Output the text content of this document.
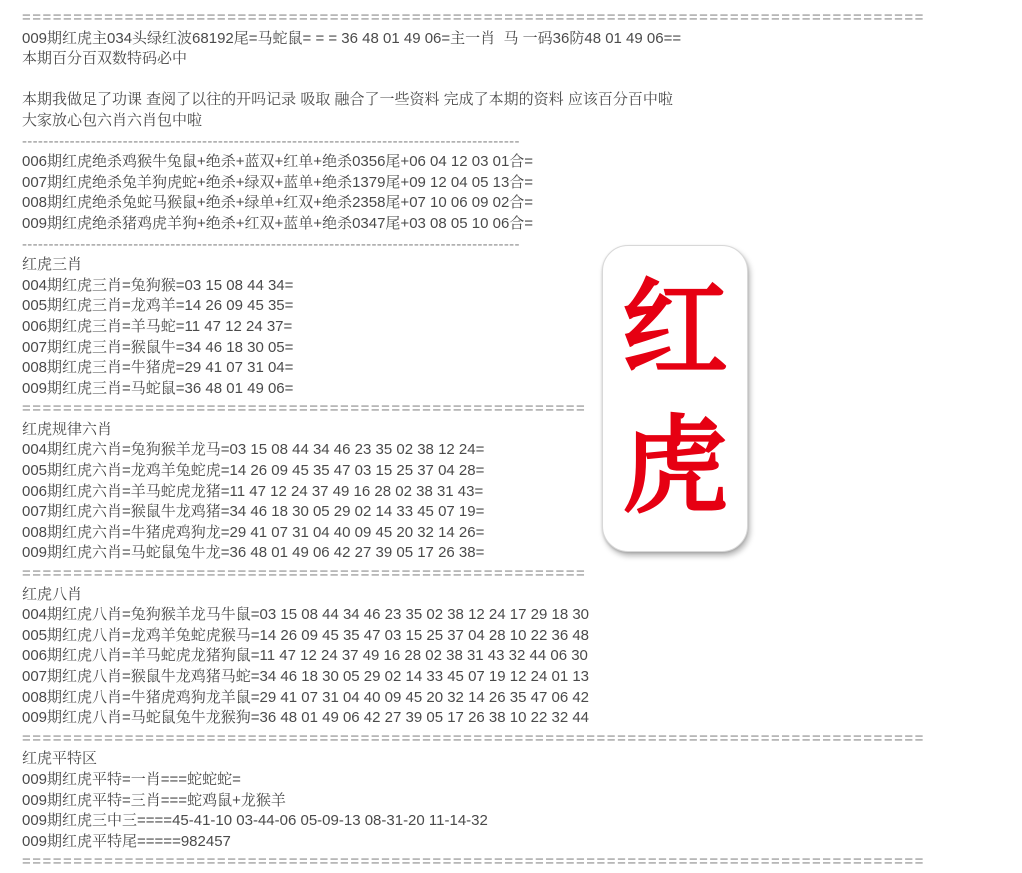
========================================================================================
009期红虎主034头绿红波68192尾=马蛇鼠= = = 36 48 01 49 06=主一肖  马 一码36防48 01 49 06==
本期百分百双数特码必中
本期我做足了功课 查阅了以往的开吗记录 吸取 融合了一些资料 完成了本期的资料 应该百分百中啦
大家放心包六肖六肖包中啦
----------------------------------------------------------------------------------------------
006期红虎绝杀鸡猴牛兔鼠+绝杀+蓝双+红单+绝杀0356尾+06 04 12 03 01合=
007期红虎绝杀兔羊狗虎蛇+绝杀+绿双+蓝单+绝杀1379尾+09 12 04 05 13合=
008期红虎绝杀兔蛇马猴鼠+绝杀+绿单+红双+绝杀2358尾+07 10 06 09 02合=
009期红虎绝杀猪鸡虎羊狗+绝杀+红双+蓝单+绝杀0347尾+03 08 05 10 06合=
----------------------------------------------------------------------------------------------
红虎三肖
004期红虎三肖=兔狗猴=03 15 08 44 34=
005期红虎三肖=龙鸡羊=14 26 09 45 35=
006期红虎三肖=羊马蛇=11 47 12 24 37=
007期红虎三肖=猴鼠牛=34 46 18 30 05=
008期红虎三肖=牛猪虎=29 41 07 31 04=
009期红虎三肖=马蛇鼠=36 48 01 49 06=
=======================================================
红虎规律六肖
004期红虎六肖=兔狗猴羊龙马=03 15 08 44 34 46 23 35 02 38 12 24=
005期红虎六肖=龙鸡羊兔蛇虎=14 26 09 45 35 47 03 15 25 37 04 28=
006期红虎六肖=羊马蛇虎龙猪=11 47 12 24 37 49 16 28 02 38 31 43=
007期红虎六肖=猴鼠牛龙鸡猪=34 46 18 30 05 29 02 14 33 45 07 19=
008期红虎六肖=牛猪虎鸡狗龙=29 41 07 31 04 40 09 45 20 32 14 26=
009期红虎六肖=马蛇鼠兔牛龙=36 48 01 49 06 42 27 39 05 17 26 38=
=======================================================
红虎八肖
004期红虎八肖=兔狗猴羊龙马牛鼠=03 15 08 44 34 46 23 35 02 38 12 24 17 29 18 30
005期红虎八肖=龙鸡羊兔蛇虎猴马=14 26 09 45 35 47 03 15 25 37 04 28 10 22 36 48
006期红虎八肖=羊马蛇虎龙猪狗鼠=11 47 12 24 37 49 16 28 02 38 31 43 32 44 06 30
007期红虎八肖=猴鼠牛龙鸡猪马蛇=34 46 18 30 05 29 02 14 33 45 07 19 12 24 01 13
008期红虎八肖=牛猪虎鸡狗龙羊鼠=29 41 07 31 04 40 09 45 20 32 14 26 35 47 06 42
009期红虎八肖=马蛇鼠兔牛龙猴狗=36 48 01 49 06 42 27 39 05 17 26 38 10 22 32 44
========================================================================================
红虎平特区
009期红虎平特=一肖===蛇蛇蛇=
009期红虎平特=三肖===蛇鸡鼠+龙猴羊
009期红虎三中三====45-41-10 03-44-06 05-09-13 08-31-20 11-14-32
009期红虎平特尾=====982457
========================================================================================
红
虎
